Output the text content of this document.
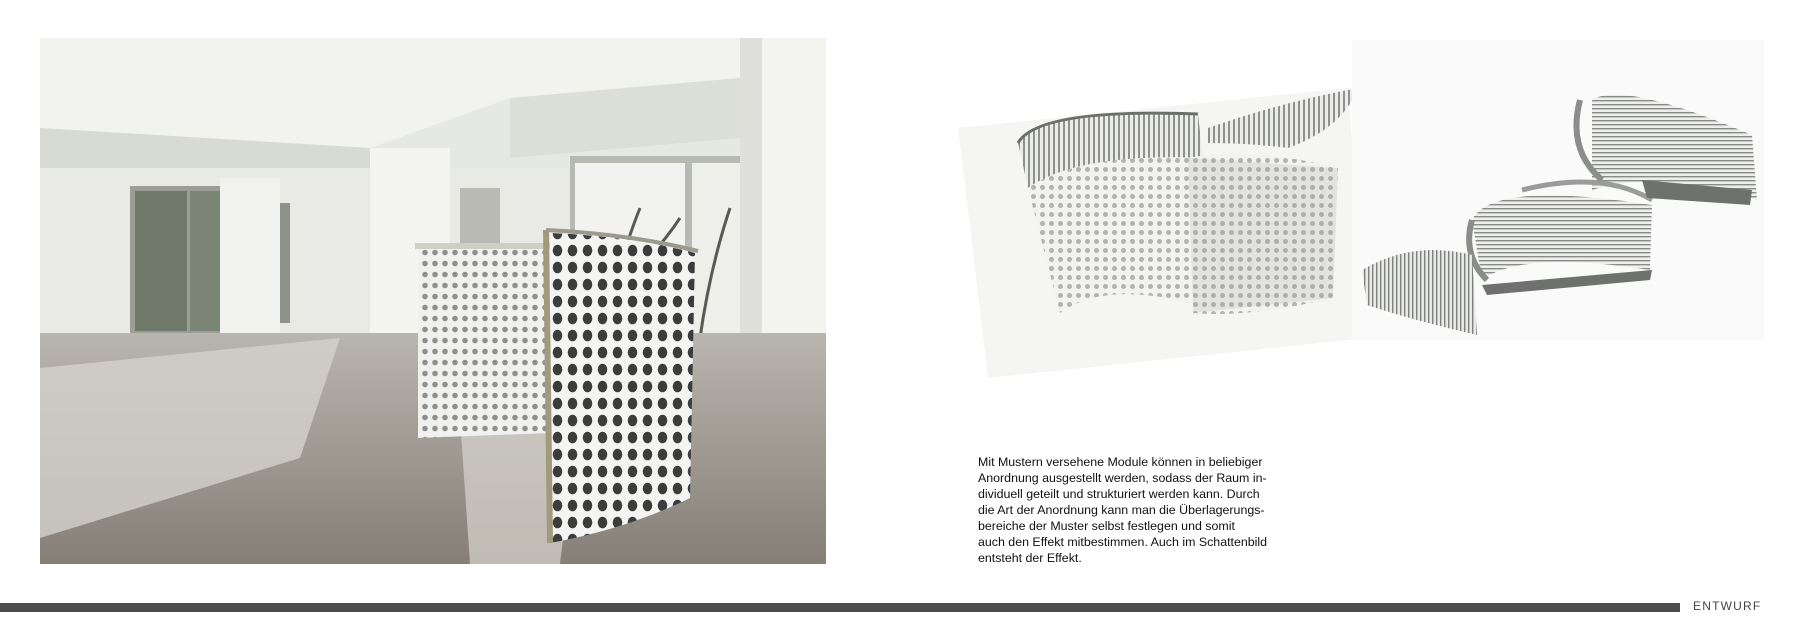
Mit Mustern versehene Module können in beliebiger
Anordnung ausgestellt werden, sodass der Raum in-
dividuell geteilt und strukturiert werden kann. Durch
die Art der Anordnung kann man die Überlagerungs-
bereiche der Muster selbst festlegen und somit
auch den Effekt mitbestimmen. Auch im Schattenbild
entsteht der Effekt.
ENTWURF
